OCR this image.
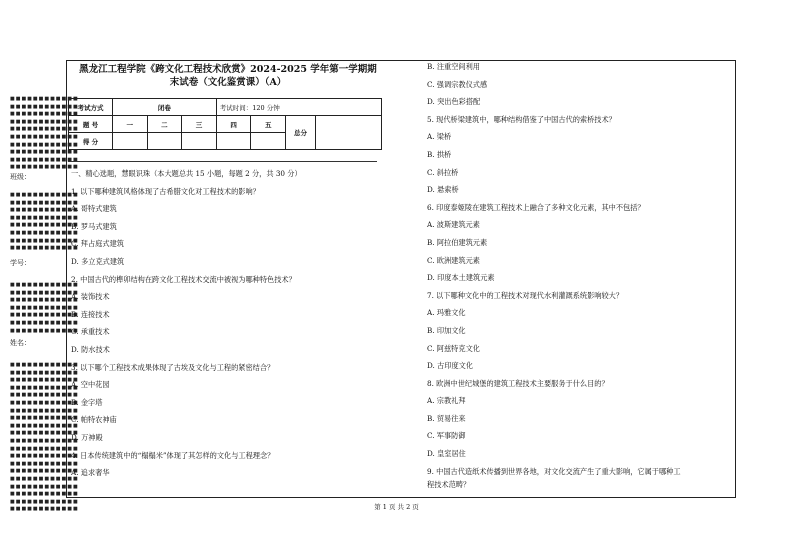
■■■■■■■■■■■■
■■■■■■■■■■■■
■■■■■■■■■■■■
■■■■■■■■■■■■
■■■■■■■■■■■■
■■■■■■■■■■■■
■■■■■■■■■■■■
■■■■■■■■■■■■
■■■■■■■■■■■■
■■■■■■■■■■■■
班级：
■■■■■■■■■■■■
■■■■■■■■■■■■
■■■■■■■■■■■■
■■■■■■■■■■■■
■■■■■■■■■■■■
■■■■■■■■■■■■
■■■■■■■■■■■■
■■■■■■■■■■■■
学号：
■■■■■■■■■■■■
■■■■■■■■■■■■
■■■■■■■■■■■■
■■■■■■■■■■■■
■■■■■■■■■■■■
■■■■■■■■■■■■
■■■■■■■■■■■■
姓名：
■■■■■■■■■■■■
■■■■■■■■■■■■
■■■■■■■■■■■■
■■■■■■■■■■■■
■■■■■■■■■■■■
■■■■■■■■■■■■
■■■■■■■■■■■■
■■■■■■■■■■■■
■■■■■■■■■■■■
■■■■■■■■■■■■
■■■■■■■■■■■■
■■■■■■■■■■■■
■■■■■■■■■■■■
■■■■■■■■■■■■
■■■■■■■■■■■■
■■■■■■■■■■■■
■■■■■■■■■■■■
■■■■■■■■■■■■
■■■■■■■■■■■■
■■■■■■■■■■■■
黑龙江工程学院《跨文化工程技术欣赏》2024-2025 学年第一学期期
末试卷（文化鉴赏课）（A）
考试方式	闭卷			考试时间：120 分钟			
题 号	一	二	三	四	五	总分	
得 分							
一、精心选题，慧眼识珠（本大题总共 15 小题，每题 2 分，共 30 分）
1. 以下哪种建筑风格体现了古希腊文化对工程技术的影响？
A. 哥特式建筑
B. 罗马式建筑
C. 拜占庭式建筑
D. 多立克式建筑
2. 中国古代的榫卯结构在跨文化工程技术交流中被视为哪种特色技术？
A. 装饰技术
B. 连接技术
C. 承重技术
D. 防水技术
3. 以下哪个工程技术成果体现了古埃及文化与工程的紧密结合？
A. 空中花园
B. 金字塔
C. 帕特农神庙
D. 万神殿
4. 日本传统建筑中的“榻榻米”体现了其怎样的文化与工程理念？
A. 追求奢华
B. 注重空间利用
C. 强调宗教仪式感
D. 突出色彩搭配
5. 现代桥梁建筑中，哪种结构借鉴了中国古代的索桥技术？
A. 梁桥
B. 拱桥
C. 斜拉桥
D. 悬索桥
6. 印度泰姬陵在建筑工程技术上融合了多种文化元素，其中不包括？
A. 波斯建筑元素
B. 阿拉伯建筑元素
C. 欧洲建筑元素
D. 印度本土建筑元素
7. 以下哪种文化中的工程技术对现代水利灌溉系统影响较大？
A. 玛雅文化
B. 印加文化
C. 阿兹特克文化
D. 古印度文化
8. 欧洲中世纪城堡的建筑工程技术主要服务于什么目的？
A. 宗教礼拜
B. 贸易往来
C. 军事防御
D. 皇室居住
9. 中国古代造纸术传播到世界各地，对文化交流产生了重大影响，它属于哪种工
程技术范畴？
第 1 页 共 2 页
